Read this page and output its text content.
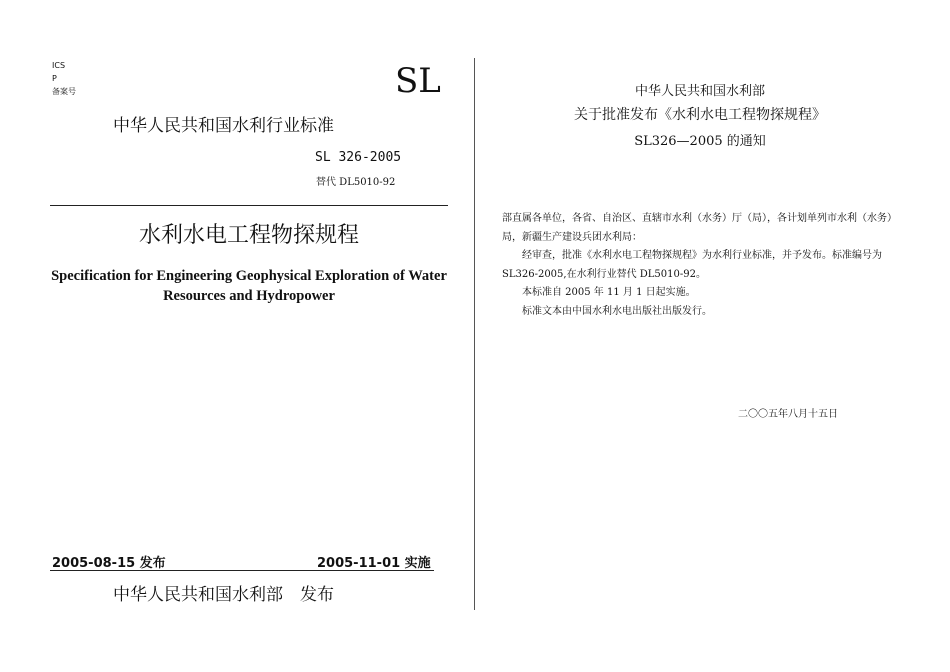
ICS
P
备案号	SL
中华人民共和国水利行业标准
SL 326-2005
替代 DL5010-92
水利水电工程物探规程
Specification for Engineering Geophysical Exploration of Water Resources and Hydropower
2005-08-15 发布	2005-11-01 实施
中华人民共和国水利部　发布
中华人民共和国水利部
关于批准发布《水利水电工程物探规程》
SL326—2005 的通知

部直属各单位，各省、自治区、直辖市水利（水务）厅（局），各计划单列市水利（水务）局，新疆生产建设兵团水利局：

经审查，批准《水利水电工程物探规程》为水利行业标准，并予发布。标准编号为 SL326-2005,在水利行业替代 DL5010-92。

本标准自 2005 年 11 月 1 日起实施。

标准文本由中国水利水电出版社出版发行。

二〇〇五年八月十五日
